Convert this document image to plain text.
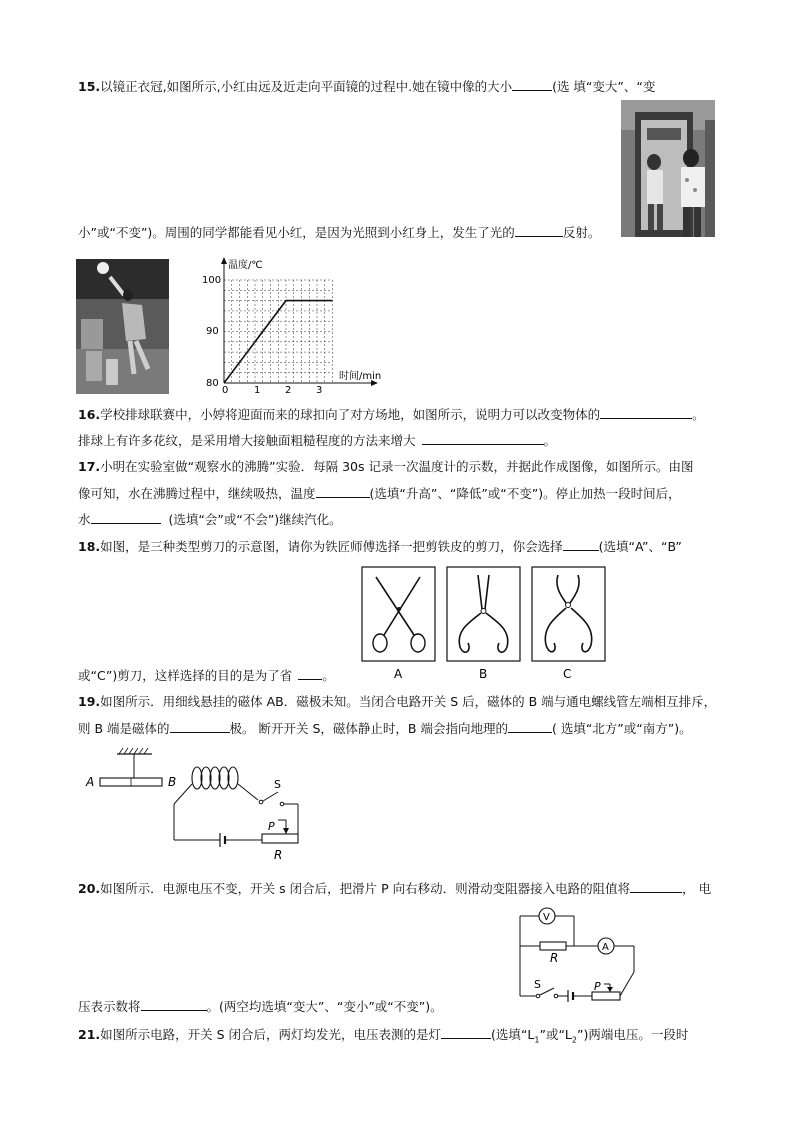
15.以镜正衣冠,如图所示,小红由远及近走向平面镜的过程中.她在镜中像的大小	(选 填“变大”、“变
小”或“不变”)。周围的同学都能看见小红，是因为光照到小红身上，发生了光的	反射。
温度/℃
时间/min
100
90
80
0	1 2 3
16.学校排球联赛中，小婷将迎面而来的球扣向了对方场地，如图所示，说明力可以改变物体的	。
排球上有许多花纹，是采用增大接触面粗糙程度的方法来增大	。
17.小明在实验室做“观察水的沸腾”实验．每隔 30s 记录一次温度计的示数，并据此作成图像，如图所示。由图
像可知，水在沸腾过程中，继续吸热，温度	(选填“升高”、“降低”或“不变”)。停止加热一段时间后，
水	(选填“会”或“不会”)继续汽化。
18.如图，是三种类型剪刀的示意图，请你为铁匠师傅选择一把剪铁皮的剪刀，你会选择	(选填“A”、“B”
A	B	C
或“C”)剪刀，这样选择的目的是为了省 。
19.如图所示．用细线悬挂的磁体 AB．磁极未知。当闭合电路开关 S 后，磁体的 B 端与通电螺线管左端相互排斥，
则 B 端是磁体的	极。 断开开关 S，磁体静止时，B 端会指向地理的	( 选填“北方”或“南方”)。
A	B	S
P
R
20.如图所示．电源电压不变，开关 s 闭合后，把滑片 P 向右移动．则滑动变阻器接入电路的阻值将	， 电
V
R
A
S	P
压表示数将	。(两空均选填“变大”、“变小”或“不变”)。
21.如图所示电路，开关 S 闭合后，两灯均发光，电压表测的是灯	(选填“$L_1$”或“$L_2$”)两端电压。一段时
